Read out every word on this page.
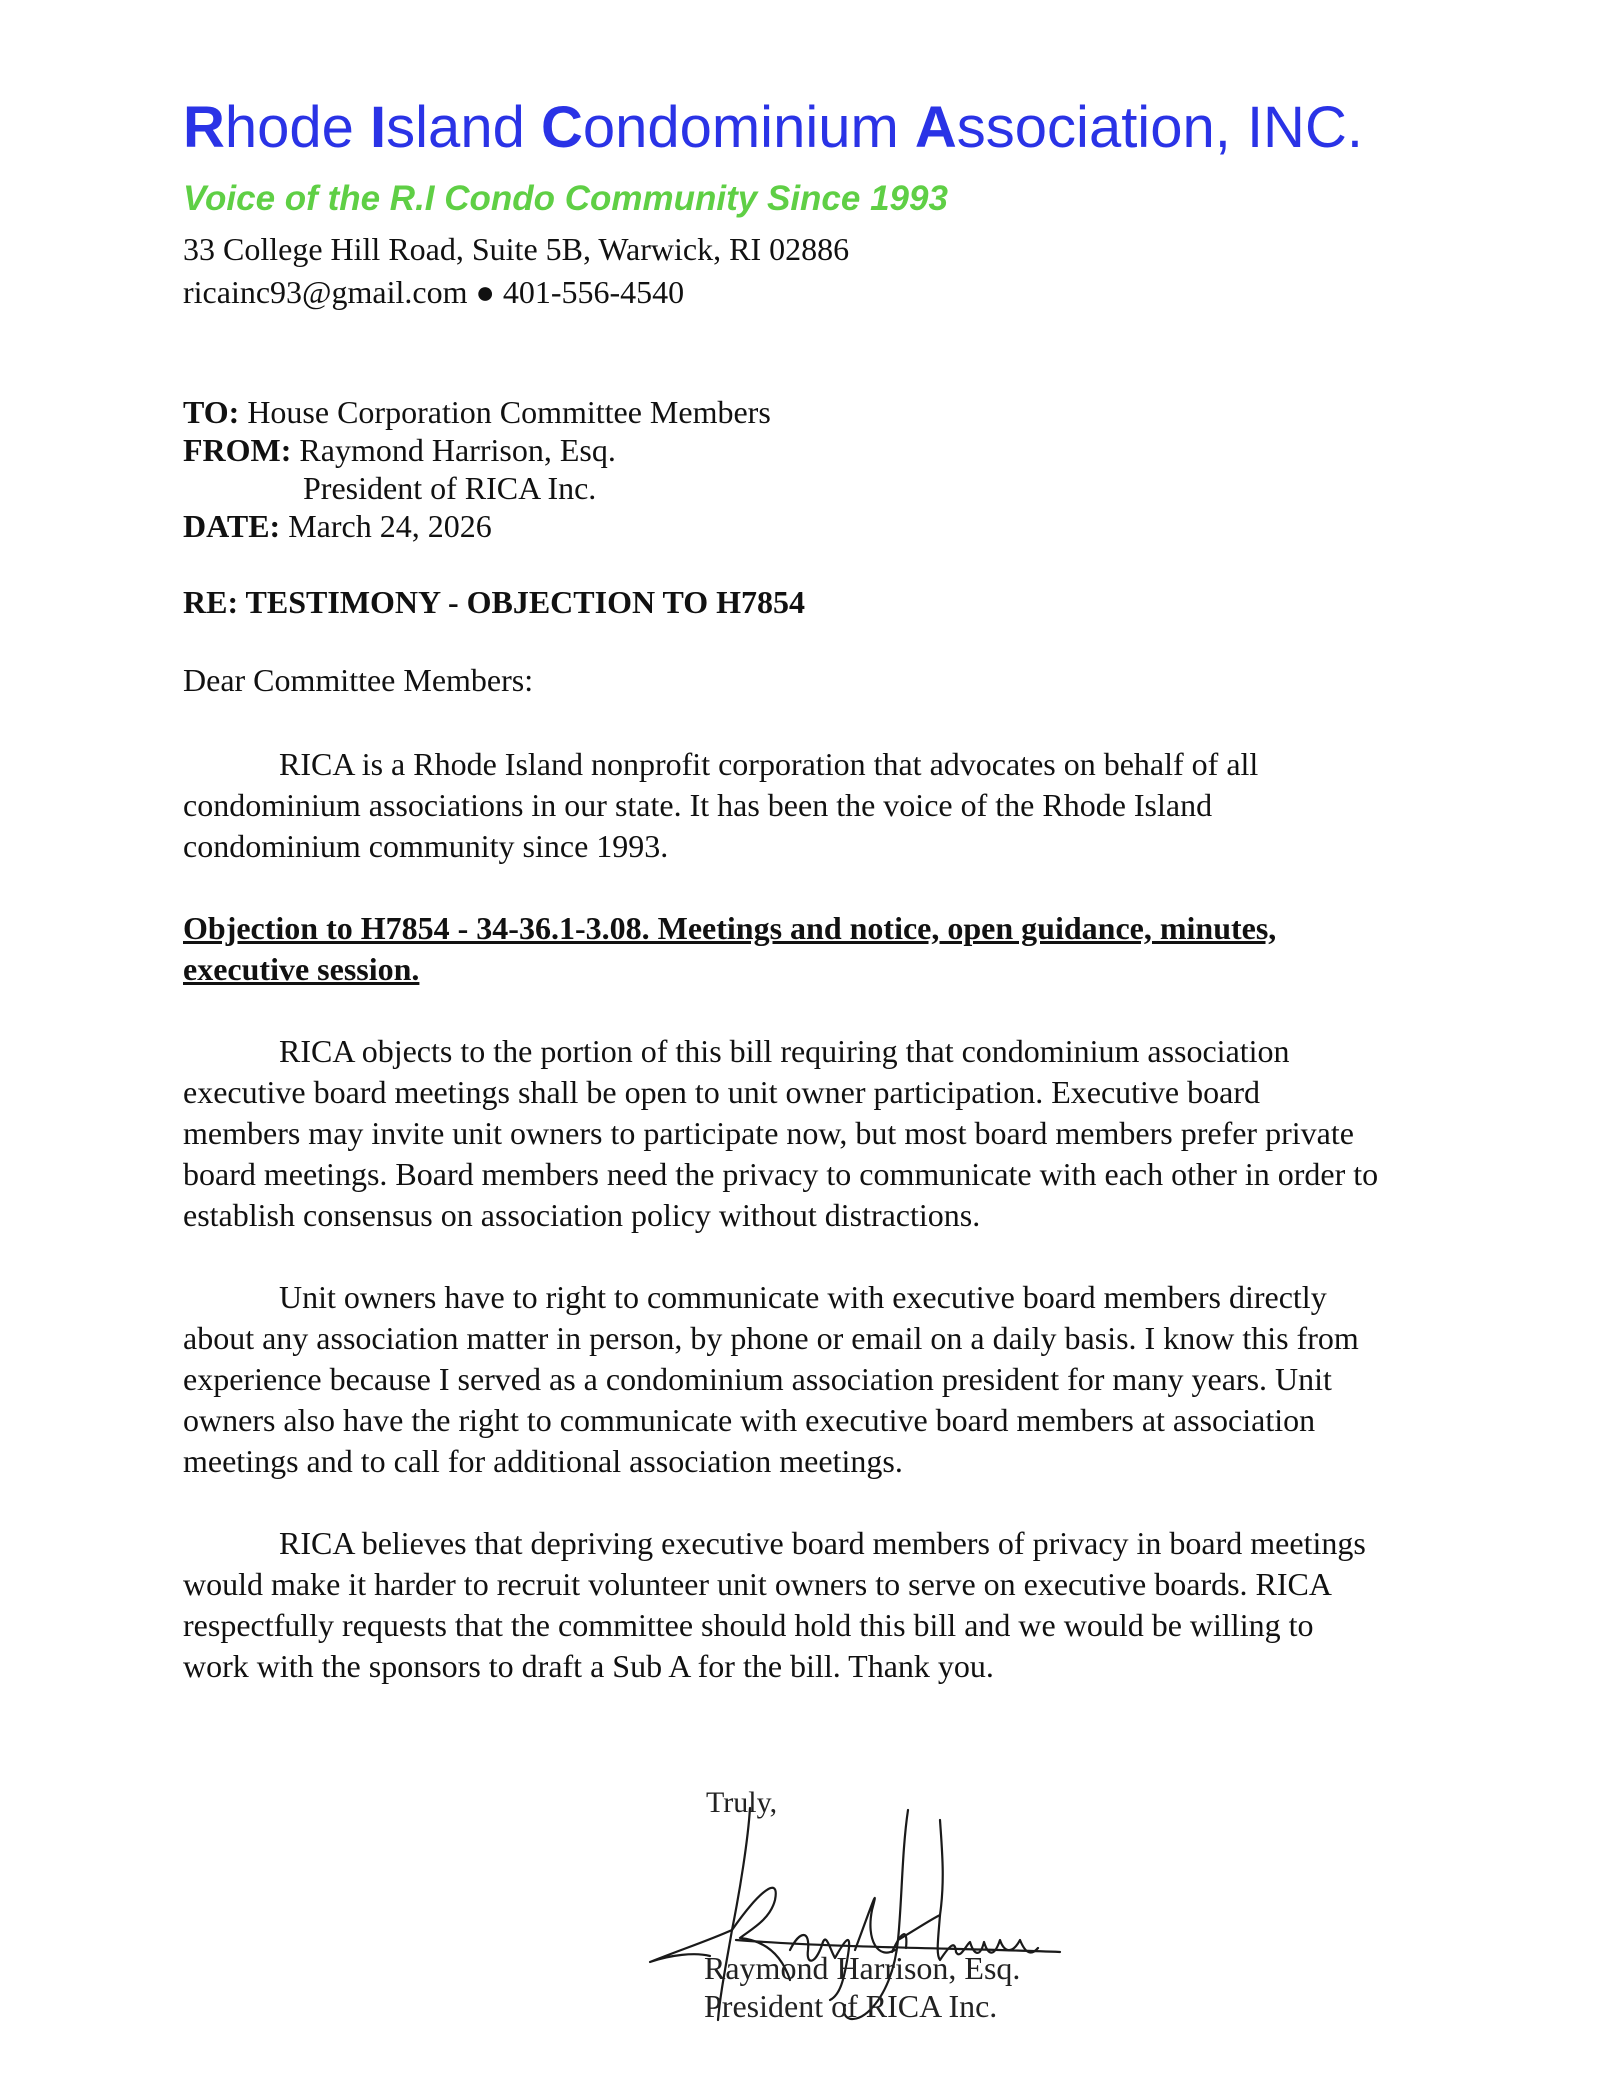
Rhode Island Condominium Association, INC.
Voice of the R.I Condo Community Since 1993
33 College Hill Road, Suite 5B, Warwick, RI 02886
ricainc93@gmail.com ● 401-556-4540
TO: House Corporation Committee Members
FROM: Raymond Harrison, Esq.
President of RICA Inc.
DATE: March 24, 2026
RE: TESTIMONY - OBJECTION TO H7854
Dear Committee Members:
RICA is a Rhode Island nonprofit corporation that advocates on behalf of all
condominium associations in our state. It has been the voice of the Rhode Island
condominium community since 1993.
Objection to H7854 - 34-36.1-3.08. Meetings and notice, open guidance, minutes,
executive session.
RICA objects to the portion of this bill requiring that condominium association
executive board meetings shall be open to unit owner participation. Executive board
members may invite unit owners to participate now, but most board members prefer private
board meetings. Board members need the privacy to communicate with each other in order to
establish consensus on association policy without distractions.
Unit owners have to right to communicate with executive board members directly
about any association matter in person, by phone or email on a daily basis. I know this from
experience because I served as a condominium association president for many years. Unit
owners also have the right to communicate with executive board members at association
meetings and to call for additional association meetings.
RICA believes that depriving executive board members of privacy in board meetings
would make it harder to recruit volunteer unit owners to serve on executive boards. RICA
respectfully requests that the committee should hold this bill and we would be willing to
work with the sponsors to draft a Sub A for the bill. Thank you.
Truly,
Raymond Harrison, Esq.
President of RICA Inc.
